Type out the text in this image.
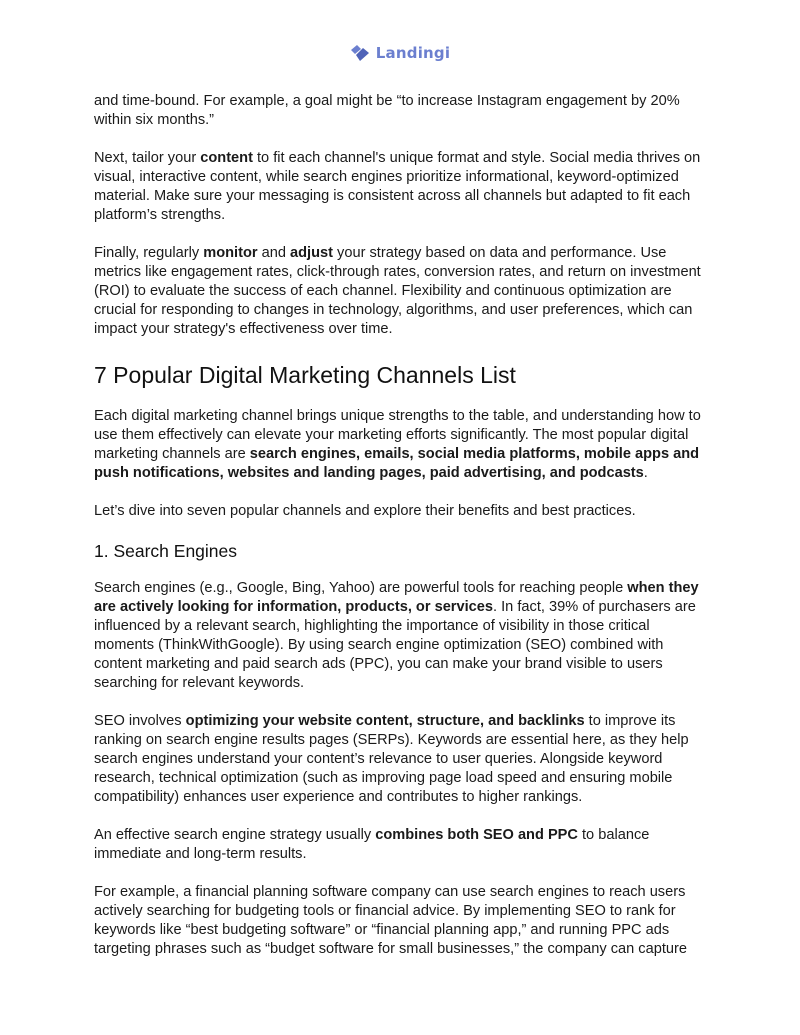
Landingi

and time-bound. For example, a goal might be “to increase Instagram engagement by 20% within six months.”

Next, tailor your content to fit each channel's unique format and style. Social media thrives on visual, interactive content, while search engines prioritize informational, keyword-optimized material. Make sure your messaging is consistent across all channels but adapted to fit each platform’s strengths.

Finally, regularly monitor and adjust your strategy based on data and performance. Use metrics like engagement rates, click-through rates, conversion rates, and return on investment (ROI) to evaluate the success of each channel. Flexibility and continuous optimization are crucial for responding to changes in technology, algorithms, and user preferences, which can impact your strategy's effectiveness over time.

7 Popular Digital Marketing Channels List

Each digital marketing channel brings unique strengths to the table, and understanding how to use them effectively can elevate your marketing efforts significantly. The most popular digital marketing channels are search engines, emails, social media platforms, mobile apps and push notifications, websites and landing pages, paid advertising, and podcasts.

Let’s dive into seven popular channels and explore their benefits and best practices.

1. Search Engines

Search engines (e.g., Google, Bing, Yahoo) are powerful tools for reaching people when they are actively looking for information, products, or services. In fact, 39% of purchasers are influenced by a relevant search, highlighting the importance of visibility in those critical moments (ThinkWithGoogle). By using search engine optimization (SEO) combined with content marketing and paid search ads (PPC), you can make your brand visible to users searching for relevant keywords.

SEO involves optimizing your website content, structure, and backlinks to improve its ranking on search engine results pages (SERPs). Keywords are essential here, as they help search engines understand your content’s relevance to user queries. Alongside keyword research, technical optimization (such as improving page load speed and ensuring mobile compatibility) enhances user experience and contributes to higher rankings.

An effective search engine strategy usually combines both SEO and PPC to balance immediate and long-term results.

For example, a financial planning software company can use search engines to reach users actively searching for budgeting tools or financial advice. By implementing SEO to rank for keywords like “best budgeting software” or “financial planning app,” and running PPC ads targeting phrases such as “budget software for small businesses,” the company can capture
